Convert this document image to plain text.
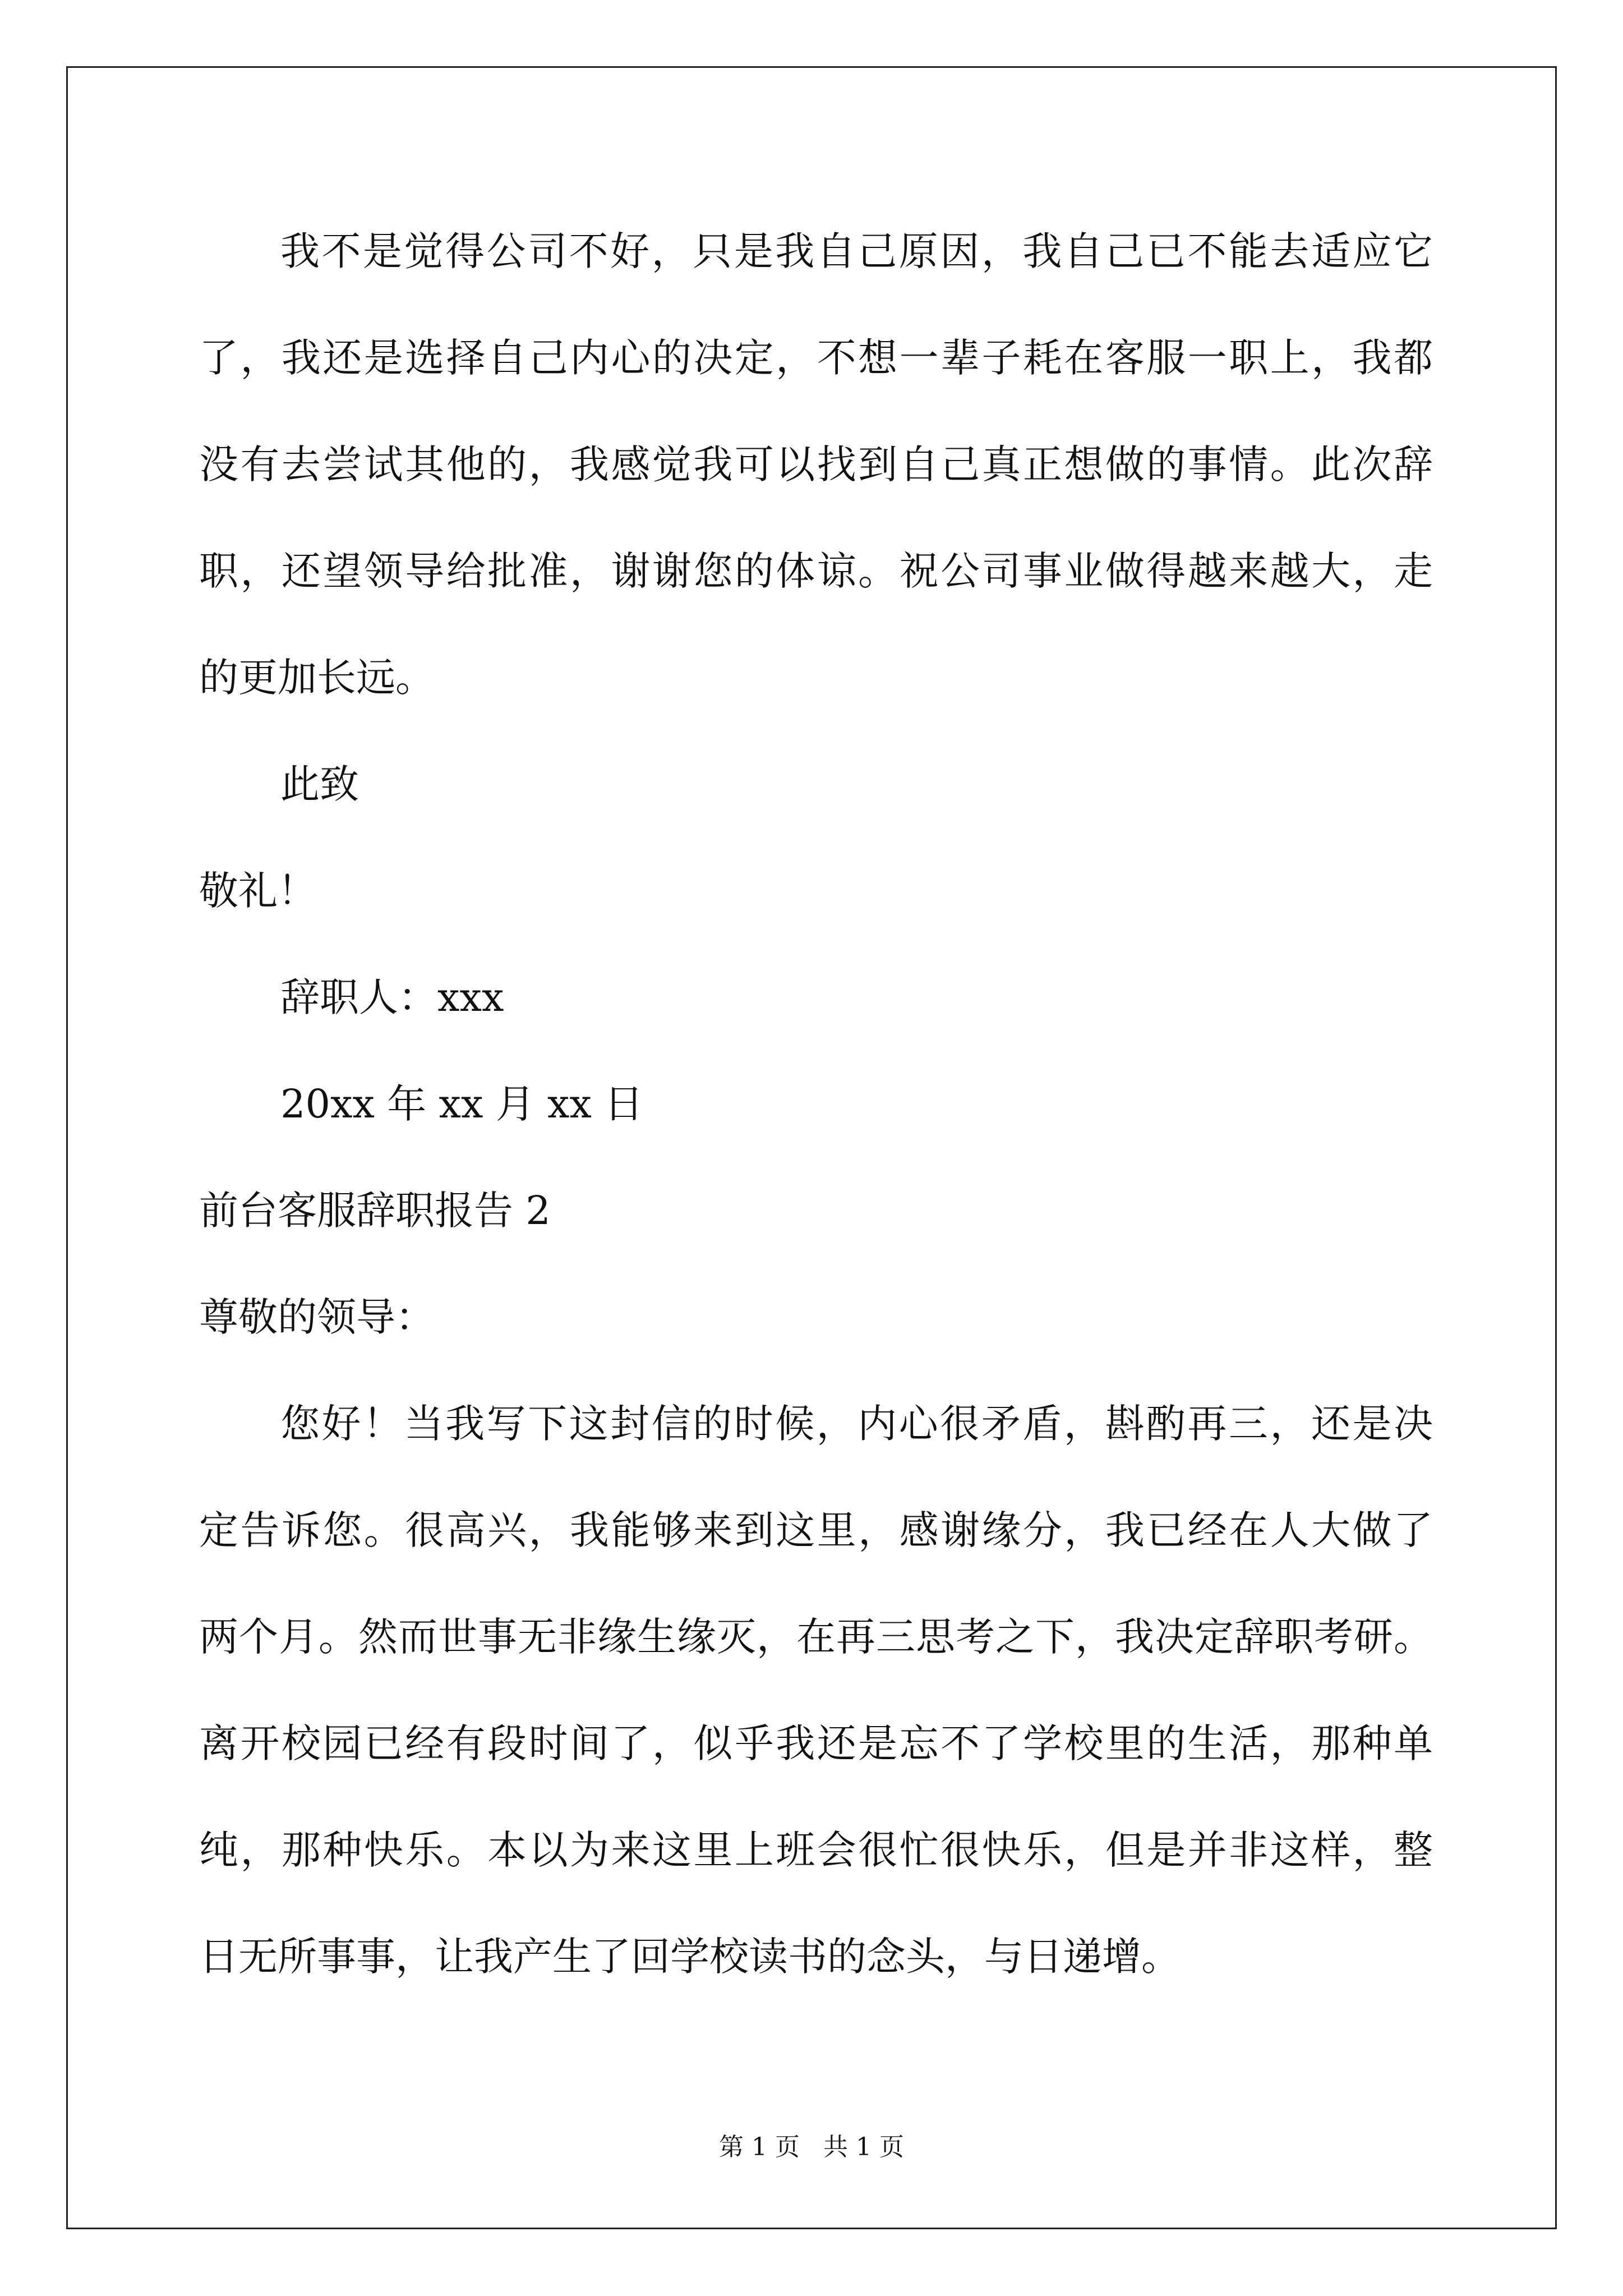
我不是觉得公司不好，只是我自己原因，我自己已不能去适应它
了，我还是选择自己内心的决定，不想一辈子耗在客服一职上，我都
没有去尝试其他的，我感觉我可以找到自己真正想做的事情。此次辞
职，还望领导给批准，谢谢您的体谅。祝公司事业做得越来越大，走
的更加长远。
此致
敬礼！
辞职人：xxx
20xx 年 xx 月 xx 日
前台客服辞职报告 2
尊敬的领导：
您好！当我写下这封信的时候，内心很矛盾，斟酌再三，还是决
定告诉您。很高兴，我能够来到这里，感谢缘分，我已经在人大做了
两个月。然而世事无非缘生缘灭，在再三思考之下，我决定辞职考研。
离开校园已经有段时间了，似乎我还是忘不了学校里的生活，那种单
纯，那种快乐。本以为来这里上班会很忙很快乐，但是并非这样，整
日无所事事，让我产生了回学校读书的念头，与日递增。
第 1 页 共 1 页
